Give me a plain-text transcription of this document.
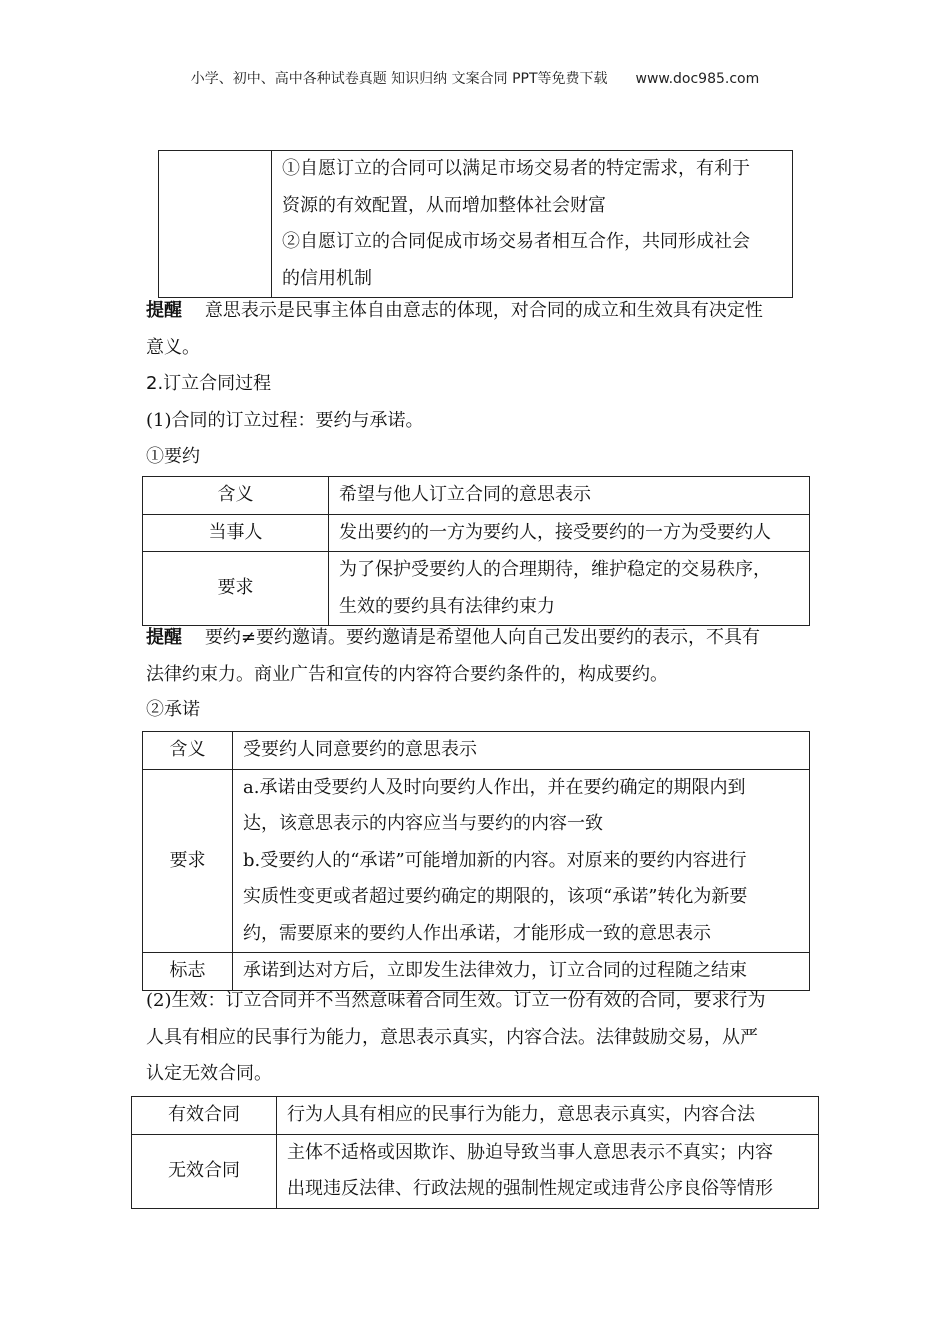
小学、初中、高中各种试卷真题 知识归纳 文案合同 PPT等免费下载 www.doc985.com

①自愿订立的合同可以满足市场交易者的特定需求，有利于
资源的有效配置，从而增加整体社会财富
②自愿订立的合同促成市场交易者相互合作，共同形成社会
的信用机制
提醒 意思表示是民事主体自由意志的体现，对合同的成立和生效具有决定性
意义。
2.订立合同过程
(1)合同的订立过程：要约与承诺。
①要约
含义	希望与他人订立合同的意思表示
当事人	发出要约的一方为要约人，接受要约的一方为受要约人
要求	为了保护受要约人的合理期待，维护稳定的交易秩序，
生效的要约具有法律约束力
提醒 要约≠要约邀请。要约邀请是希望他人向自己发出要约的表示，不具有
法律约束力。商业广告和宣传的内容符合要约条件的，构成要约。
②承诺
含义	受要约人同意要约的意思表示
要求	a.承诺由受要约人及时向要约人作出，并在要约确定的期限内到
达，该意思表示的内容应当与要约的内容一致
b.受要约人的“承诺”可能增加新的内容。对原来的要约内容进行
实质性变更或者超过要约确定的期限的，该项“承诺”转化为新要
约，需要原来的要约人作出承诺，才能形成一致的意思表示

标志	承诺到达对方后，立即发生法律效力，订立合同的过程随之结束
(2)生效：订立合同并不当然意味着合同生效。订立一份有效的合同，要求行为
人具有相应的民事行为能力，意思表示真实，内容合法。法律鼓励交易，从严
认定无效合同。
有效合同	行为人具有相应的民事行为能力，意思表示真实，内容合法
无效合同	主体不适格或因欺诈、胁迫导致当事人意思表示不真实；内容
出现违反法律、行政法规的强制性规定或违背公序良俗等情形
